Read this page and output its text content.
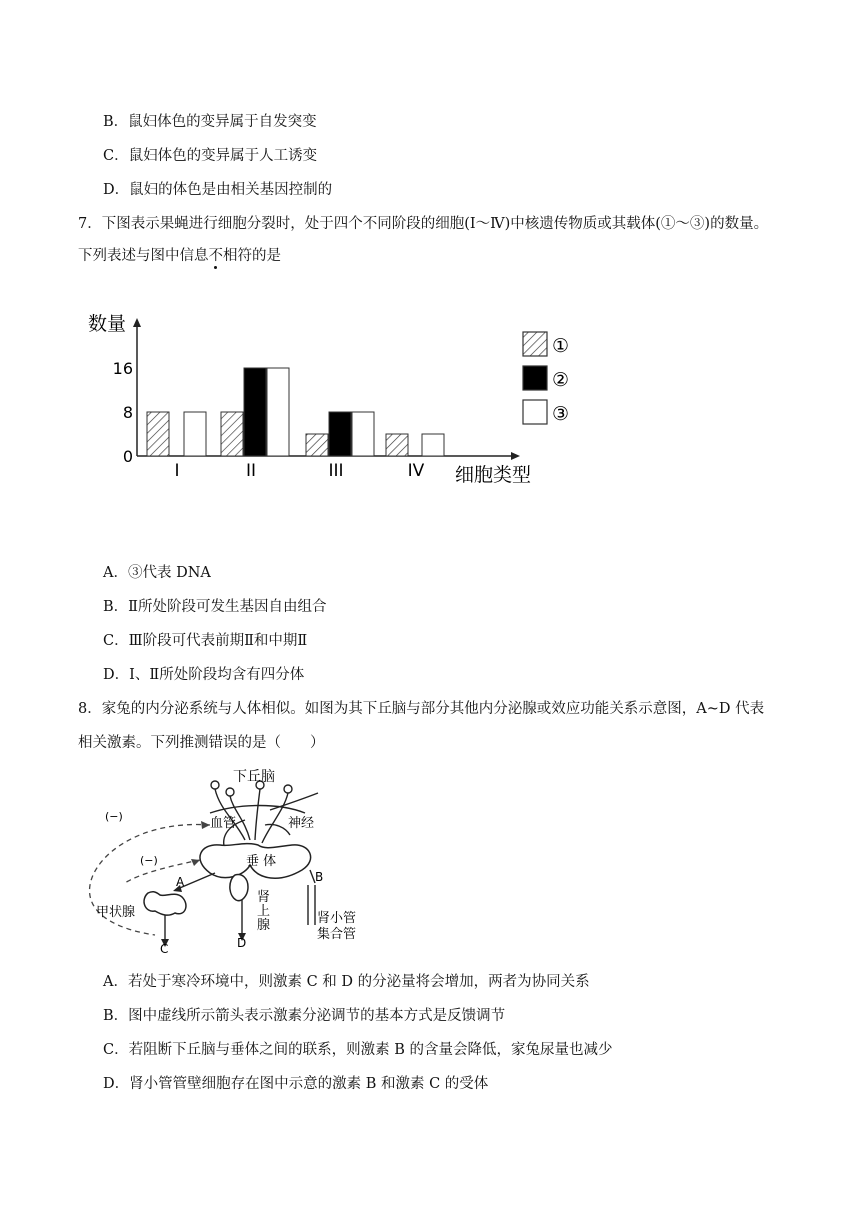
B．鼠妇体色的变异属于自发突变
C．鼠妇体色的变异属于人工诱变
D．鼠妇的体色是由相关基因控制的
7．下图表示果蝇进行细胞分裂时，处于四个不同阶段的细胞(Ⅰ～Ⅳ)中核遗传物质或其载体(①～③)的数量。
下列表述与图中信息不相符的是
数量
细胞类型
0
8
16
I	II	III	IV
①
②
③
A．③代表 DNA
B．Ⅱ所处阶段可发生基因自由组合
C．Ⅲ阶段可代表前期Ⅱ和中期Ⅱ
D．Ⅰ、Ⅱ所处阶段均含有四分体
8．家兔的内分泌系统与人体相似。如图为其下丘脑与部分其他内分泌腺或效应功能关系示意图，A~D 代表
相关激素。下列推测错误的是（　　）
下丘脑
血管	神经
垂 体
(−)
(−)
A	B
C	D
甲状腺
肾
上
腺	肾小管
集合管
A．若处于寒冷环境中，则激素 C 和 D 的分泌量将会增加，两者为协同关系
B．图中虚线所示箭头表示激素分泌调节的基本方式是反馈调节
C．若阻断下丘脑与垂体之间的联系，则激素 B 的含量会降低，家兔尿量也减少
D．肾小管管壁细胞存在图中示意的激素 B 和激素 C 的受体
